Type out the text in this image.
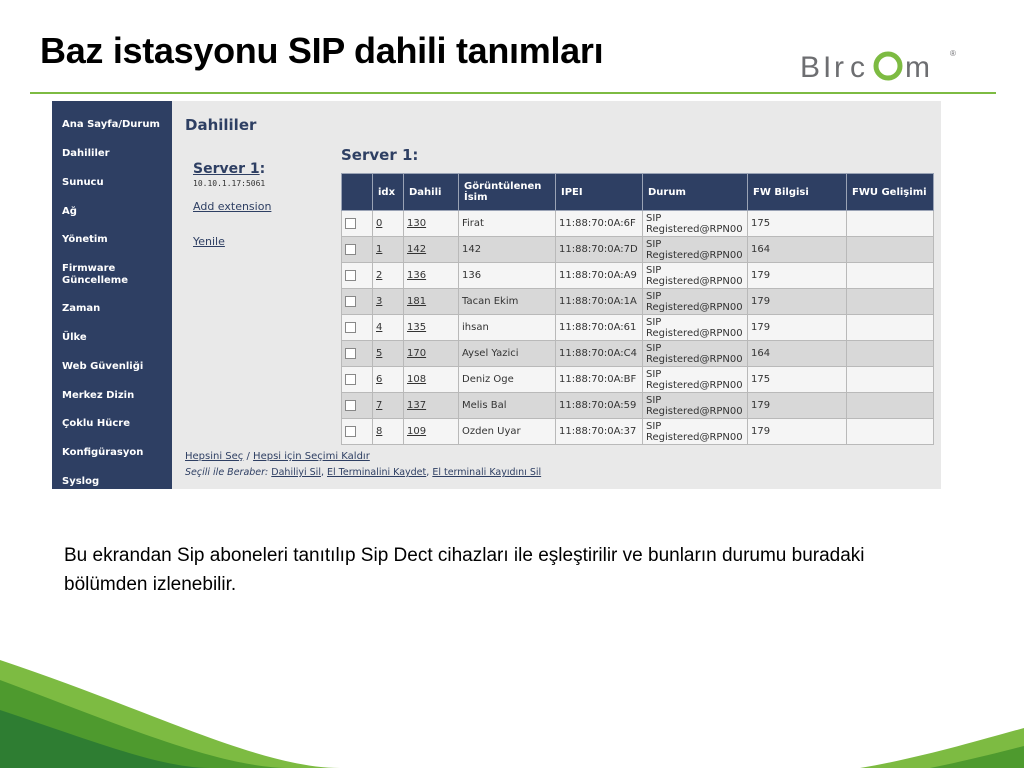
Baz istasyonu SIP dahili tanımları	B I r c m	®
Ana Sayfa/Durum
Dahililer
Sunucu
Ağ
Yönetim
Firmware Güncelleme
Zaman
Ülke
Web Güvenliği
Merkez Dizin
Çoklu Hücre
Konfigürasyon
Syslog
Dahililer
Server 1:
10.10.1.17:5061
Add extension
Yenile
Server 1:
	idx	Dahili	Görüntülenen İsim	IPEI	Durum	FW Bilgisi	FWU Gelişimi
	0	130	Firat	11:88:70:0A:6F	SIP
Registered@RPN00	175	
	1	142	142	11:88:70:0A:7D	SIP
Registered@RPN00	164	
	2	136	136	11:88:70:0A:A9	SIP
Registered@RPN00	179	
	3	181	Tacan Ekim	11:88:70:0A:1A	SIP
Registered@RPN00	179	
	4	135	ihsan	11:88:70:0A:61	SIP
Registered@RPN00	179	
	5	170	Aysel Yazici	11:88:70:0A:C4	SIP
Registered@RPN00	164	
	6	108	Deniz Oge	11:88:70:0A:BF	SIP
Registered@RPN00	175	
	7	137	Melis Bal	11:88:70:0A:59	SIP
Registered@RPN00	179	
	8	109	Ozden Uyar	11:88:70:0A:37	SIP
Registered@RPN00	179	
Hepsini Seç / Hepsi için Seçimi Kaldır
Seçili ile Beraber: Dahiliyi Sil, El Terminalini Kaydet, El terminali Kayıdını Sil
Bu ekrandan Sip aboneleri tanıtılıp Sip Dect cihazları ile eşleştirilir ve bunların durumu buradaki bölümden izlenebilir.
